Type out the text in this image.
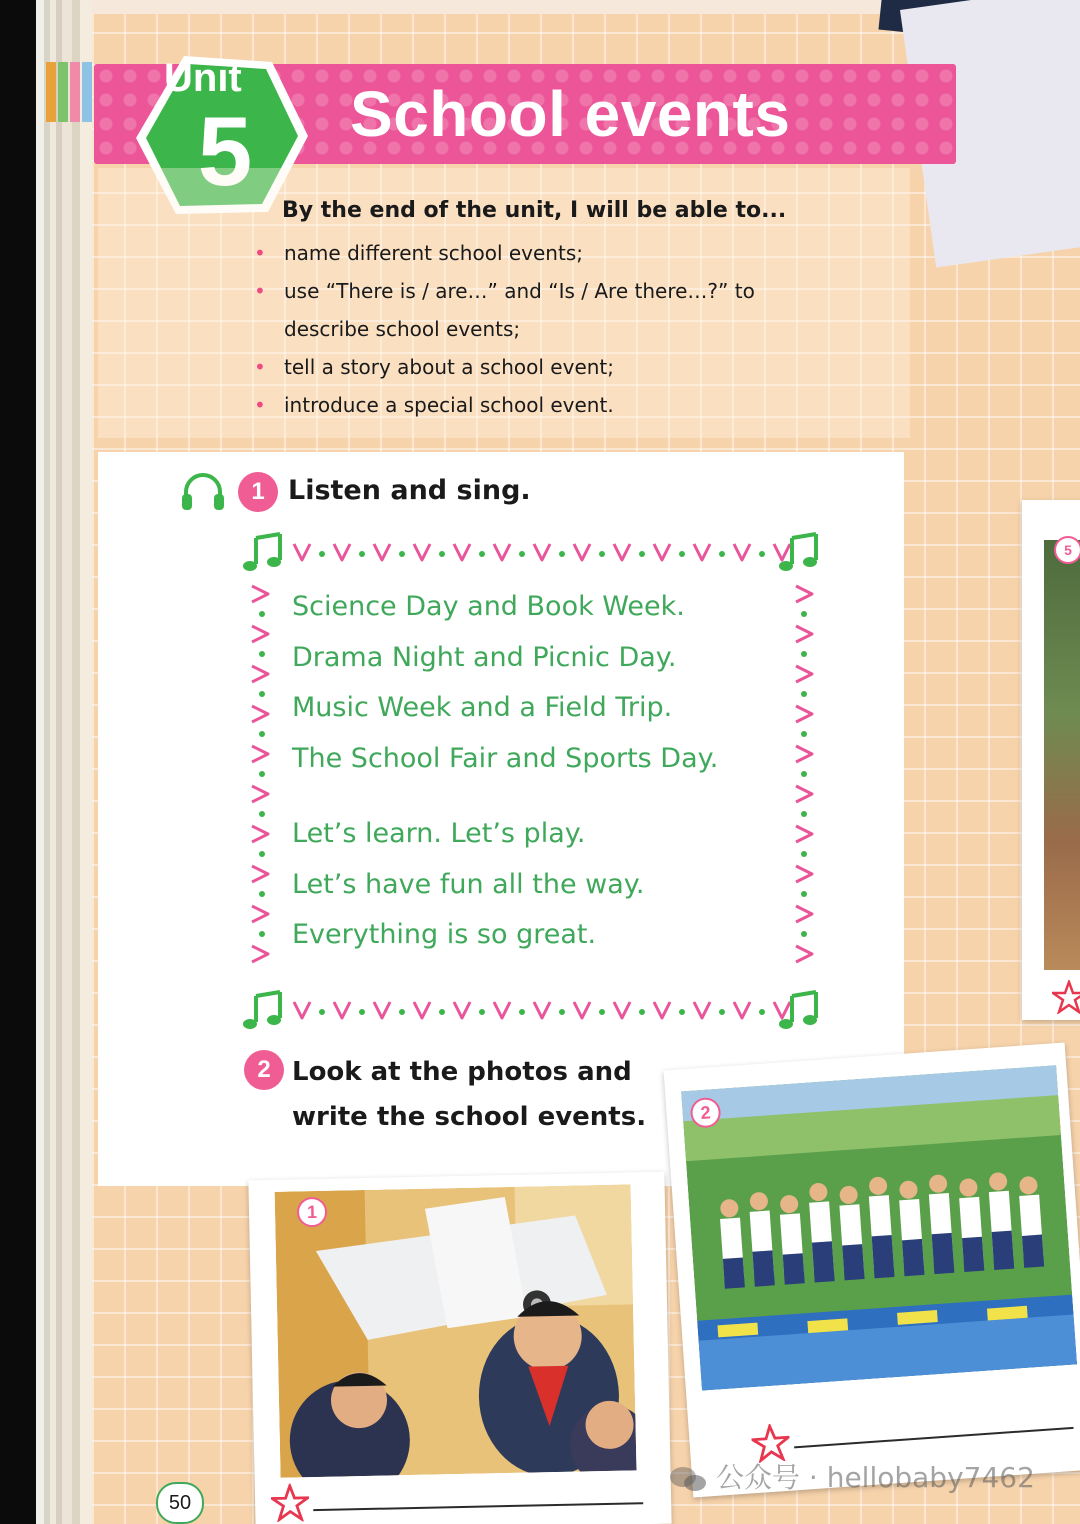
Unit
5 School events
By the end of the unit, I will be able to...
• name different school events;
• use “There is / are…” and “Is / Are there…?” to describe school events;
• tell a story about a school event;
• introduce a special school event.
5
1 Listen and sing.
Science Day and Book Week.
Drama Night and Picnic Day.
Music Week and a Field Trip.
The School Fair and Sports Day.
Let’s learn. Let’s play.
Let’s have fun all the way.
Everything is so great.
2 Look at the photos and write the school events.
1
2
50
公众号 · hellobaby7462
